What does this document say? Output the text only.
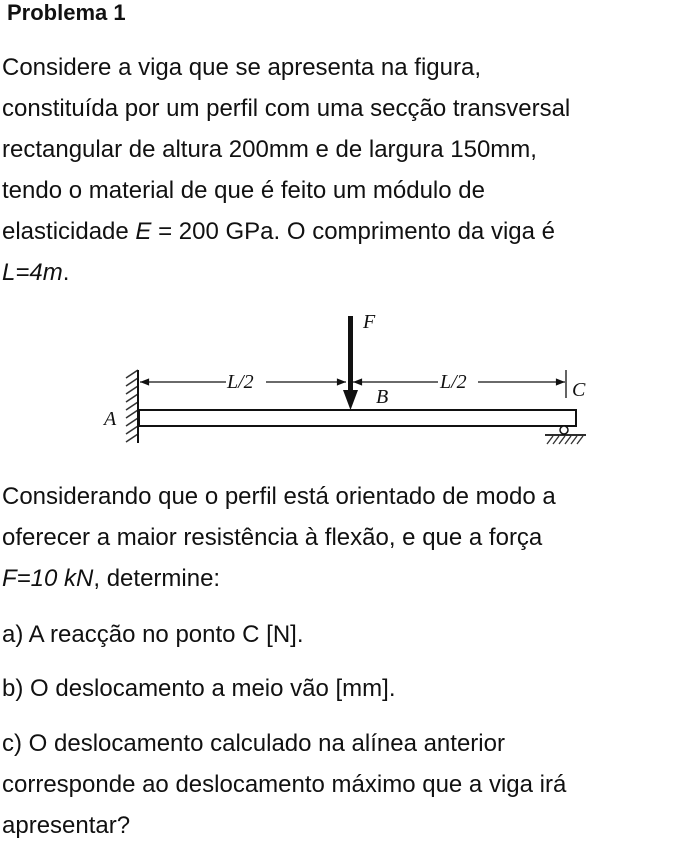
Problema 1

Considere a viga que se apresenta na figura,
constituída por um perfil com uma secção transversal
rectangular de altura 200mm e de largura 150mm,
tendo o material de que é feito um módulo de
elasticidade E = 200 GPa. O comprimento da viga é
L=4m.

L/2	L/2
F
A
B	C

Considerando que o perfil está orientado de modo a
oferecer a maior resistência à flexão, e que a força
F=10 kN, determine:

a) A reacção no ponto C [N].

b) O deslocamento a meio vão [mm].

c) O deslocamento calculado na alínea anterior
corresponde ao deslocamento máximo que a viga irá
apresentar?
